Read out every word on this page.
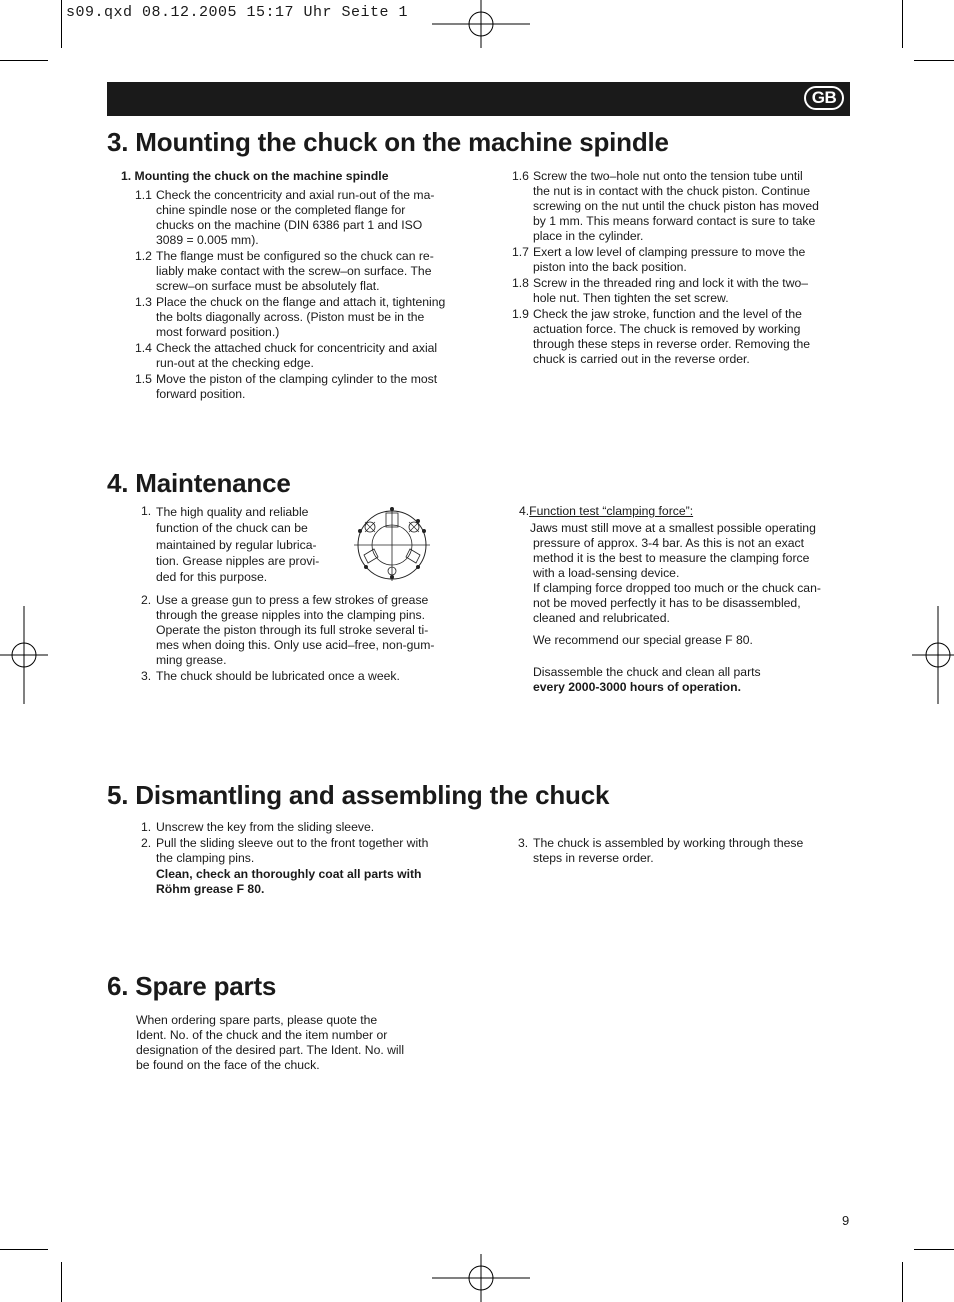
s09.qxd 08.12.2005 15:17 Uhr Seite 1
GB
3. Mounting the chuck on the machine spindle
1. Mounting the chuck on the machine spindle
1.1 Check the concentricity and axial run-out of the ma-
chine spindle nose or the completed flange for
chucks on the machine (DIN 6386 part 1 and ISO
3089 = 0.005 mm).
1.2 The flange must be configured so the chuck can re-
liably make contact with the screw–on surface. The
screw–on surface must be absolutely flat.
1.3 Place the chuck on the flange and attach it, tightening
the bolts diagonally across. (Piston must be in the
most forward position.)
1.4 Check the attached chuck for concentricity and axial
run-out at the checking edge.
1.5 Move the piston of the clamping cylinder to the most
forward position.
1.6 Screw the two–hole nut onto the tension tube until
the nut is in contact with the chuck piston. Continue
screwing on the nut until the chuck piston has moved
by 1 mm. This means forward contact is sure to take
place in the cylinder.
1.7 Exert a low level of clamping pressure to move the
piston into the back position.
1.8 Screw in the threaded ring and lock it with the two–
hole nut. Then tighten the set screw.
1.9 Check the jaw stroke, function and the level of the
actuation force. The chuck is removed by working
through these steps in reverse order. Removing the
chuck is carried out in the reverse order.
4. Maintenance
1. The high quality and reliable
function of the chuck can be
maintained by regular lubrica-
tion. Grease nipples are provi-
ded for this purpose.
2. Use a grease gun to press a few strokes of grease
through the grease nipples into the clamping pins.
Operate the piston through its full stroke several ti-
mes when doing this. Only use acid–free, non-gum-
ming grease.
3. The chuck should be lubricated once a week.
4.Function test “clamping force”:
Jaws must still move at a smallest possible operating
pressure of approx. 3-4 bar. As this is not an exact
method it is the best to measure the clamping force
with a load-sensing device.
If clamping force dropped too much or the chuck can-
not be moved perfectly it has to be disassembled,
cleaned and relubricated.
We recommend our special grease F 80.
Disassemble the chuck and clean all parts
every 2000-3000 hours of operation.
5. Dismantling and assembling the chuck
1. Unscrew the key from the sliding sleeve.
2. Pull the sliding sleeve out to the front together with
the clamping pins.
Clean, check an thoroughly coat all parts with
Röhm grease F 80.
3. The chuck is assembled by working through these
steps in reverse order.
6. Spare parts
When ordering spare parts, please quote the
Ident. No. of the chuck and the item number or
designation of the desired part. The Ident. No. will
be found on the face of the chuck.
9
